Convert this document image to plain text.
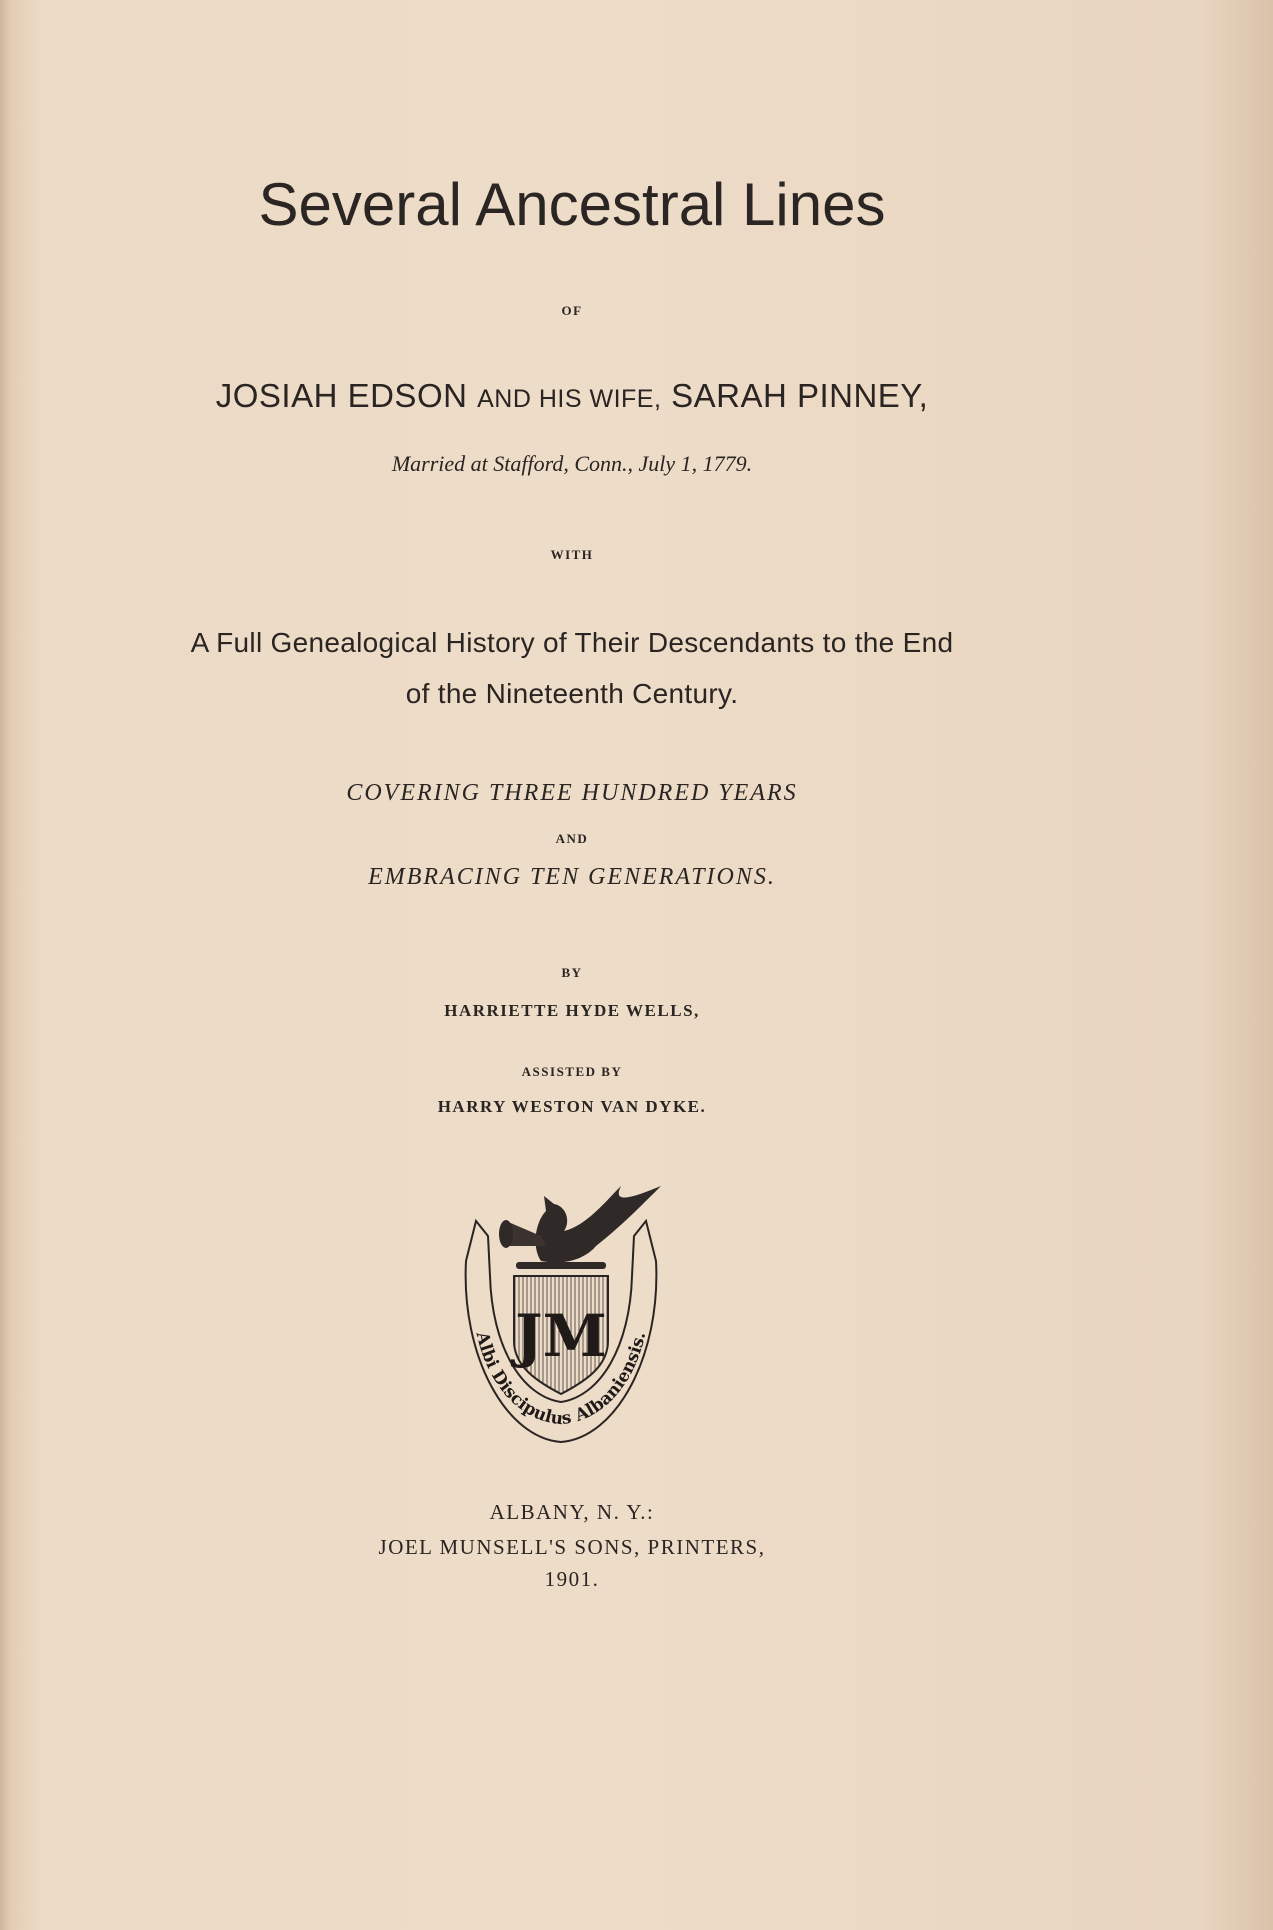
Several Ancestral Lines
OF
JOSIAH EDSON AND HIS WIFE, SARAH PINNEY,
Married at Stafford, Conn., July 1, 1779.
WITH
A Full Genealogical History of Their Descendants to the End
of the Nineteenth Century.
COVERING THREE HUNDRED YEARS
AND
EMBRACING TEN GENERATIONS.
BY
HARRIETTE HYDE WELLS,
ASSISTED BY
HARRY WESTON VAN DYKE.
JM
Albi Discipulus Albaniensis.
ALBANY, N. Y.:
JOEL MUNSELL'S SONS, PRINTERS,
1901.
